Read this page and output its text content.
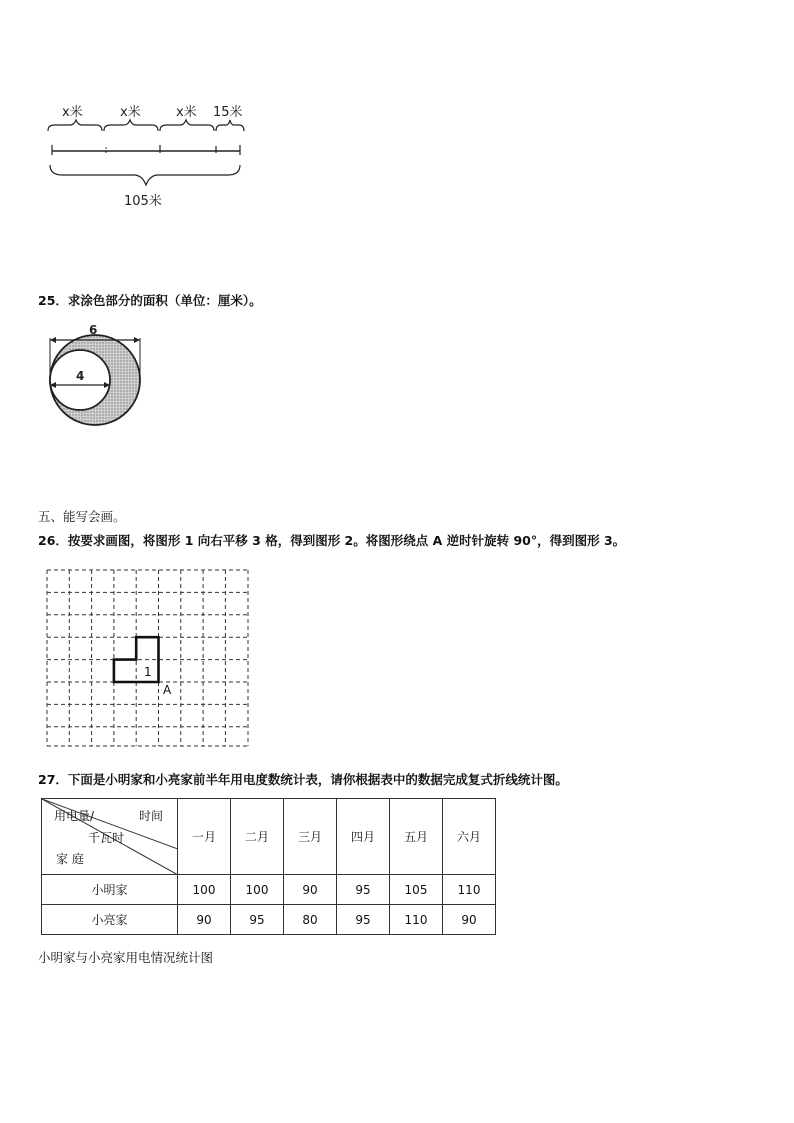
x米	x米	x米 15米
105米
25．求涂色部分的面积（单位：厘米）。
6
4
五、能写会画。
26．按要求画图，将图形 1 向右平移 3 格，得到图形 2。将图形绕点 A 逆时针旋转 90°，得到图形 3。
1
A
27．下面是小明家和小亮家前半年用电度数统计表，请你根据表中的数据完成复式折线统计图。
用电量/ 时间
千瓦时
家 庭	一月	二月	三月	四月	五月	六月
小明家	100	100	90	95	105	110
小亮家	90	95	80	95	110	90
小明家与小亮家用电情况统计图
